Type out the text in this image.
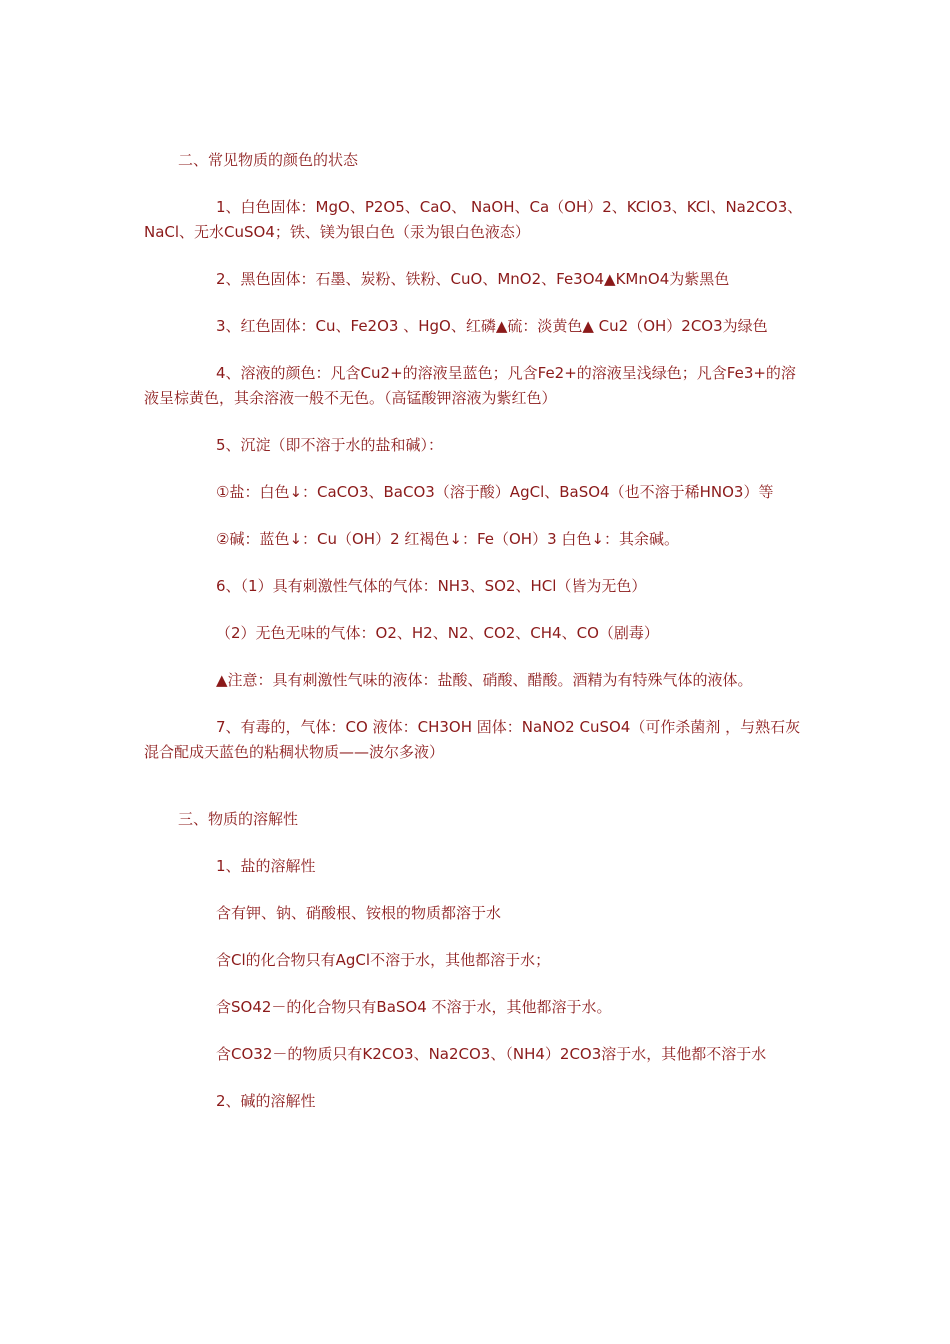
二、常见物质的颜色的状态

1、白色固体：MgO、P2O5、CaO、 NaOH、Ca（OH）2、KClO3、KCl、Na2CO3、NaCl、无水CuSO4；铁、镁为银白色（汞为银白色液态）

2、黑色固体：石墨、炭粉、铁粉、CuO、MnO2、Fe3O4▲KMnO4为紫黑色

3、红色固体：Cu、Fe2O3 、HgO、红磷▲硫：淡黄色▲ Cu2（OH）2CO3为绿色

4、溶液的颜色：凡含Cu2+的溶液呈蓝色；凡含Fe2+的溶液呈浅绿色；凡含Fe3+的溶液呈棕黄色，其余溶液一般不无色。（高锰酸钾溶液为紫红色）

5、沉淀（即不溶于水的盐和碱）：

①盐：白色↓：CaCO3、BaCO3（溶于酸）AgCl、BaSO4（也不溶于稀HNO3）等

②碱：蓝色↓：Cu（OH）2 红褐色↓：Fe（OH）3 白色↓：其余碱。

6、（1）具有刺激性气体的气体：NH3、SO2、HCl（皆为无色）

（2）无色无味的气体：O2、H2、N2、CO2、CH4、CO（剧毒）

▲注意：具有刺激性气味的液体：盐酸、硝酸、醋酸。酒精为有特殊气体的液体。

7、有毒的，气体：CO 液体：CH3OH 固体：NaNO2 CuSO4（可作杀菌剂 ，与熟石灰混合配成天蓝色的粘稠状物质——波尔多液）

三、物质的溶解性

1、盐的溶解性

含有钾、钠、硝酸根、铵根的物质都溶于水

含Cl的化合物只有AgCl不溶于水，其他都溶于水；

含SO42－的化合物只有BaSO4 不溶于水，其他都溶于水。

含CO32－的物质只有K2CO3、Na2CO3、（NH4）2CO3溶于水，其他都不溶于水

2、碱的溶解性
